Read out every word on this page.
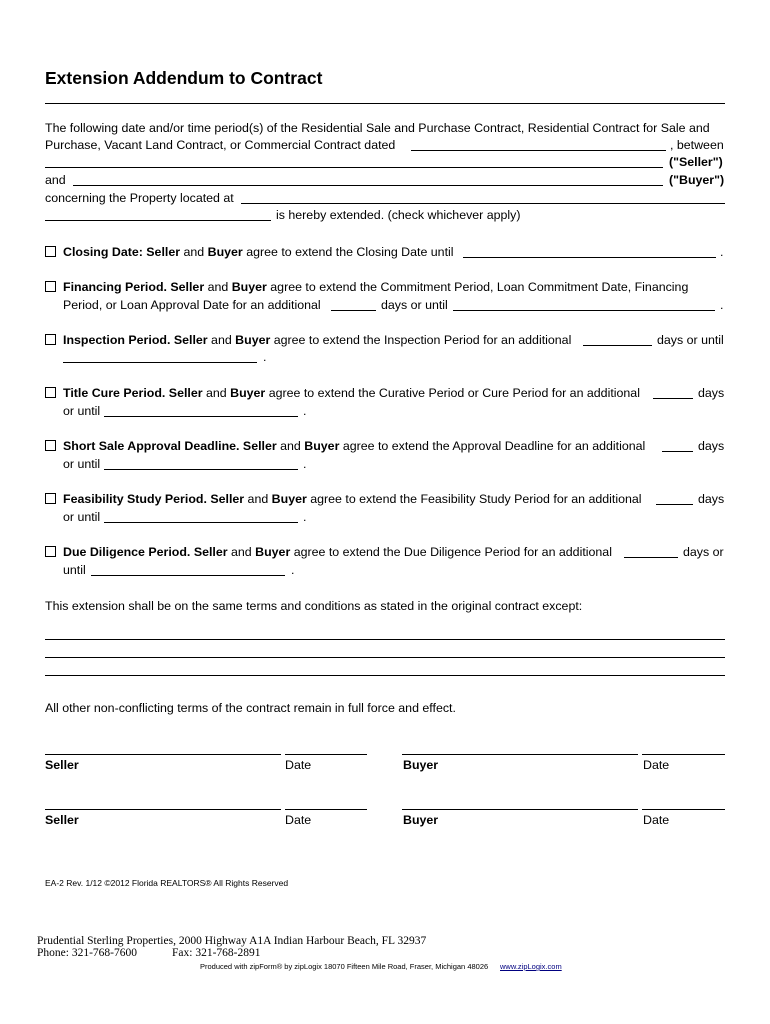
Extension Addendum to Contract
The following date and/or time period(s) of the Residential Sale and Purchase Contract, Residential Contract for Sale and
Purchase, Vacant Land Contract, or Commercial Contract dated	, between
("Seller")
and	("Buyer")
concerning the Property located at
is hereby extended. (check whichever apply)
Closing Date: Seller and Buyer agree to extend the Closing Date until	.
Financing Period. Seller and Buyer agree to extend the Commitment Period, Loan Commitment Date, Financing
Period, or Loan Approval Date for an additional	days or until	.
Inspection Period. Seller and Buyer agree to extend the Inspection Period for an additional	days or until
.
Title Cure Period. Seller and Buyer agree to extend the Curative Period or Cure Period for an additional	days
or until	.
Short Sale Approval Deadline. Seller and Buyer agree to extend the Approval Deadline for an additional	days
or until	.
Feasibility Study Period. Seller and Buyer agree to extend the Feasibility Study Period for an additional	days
or until	.
Due Diligence Period. Seller and Buyer agree to extend the Due Diligence Period for an additional	days or
until	.
This extension shall be on the same terms and conditions as stated in the original contract except:
All other non-conflicting terms of the contract remain in full force and effect.
Seller	Date	Buyer	Date
Seller	Date	Buyer	Date
EA-2 Rev. 1/12 ©2012 Florida REALTORS® All Rights Reserved
Prudential Sterling Properties, 2000 Highway A1A Indian Harbour Beach, FL 32937
Phone: 321-768-7600	Fax: 321-768-2891
Produced with zipForm® by zipLogix 18070 Fifteen Mile Road, Fraser, Michigan 48026 www.zipLogix.com
